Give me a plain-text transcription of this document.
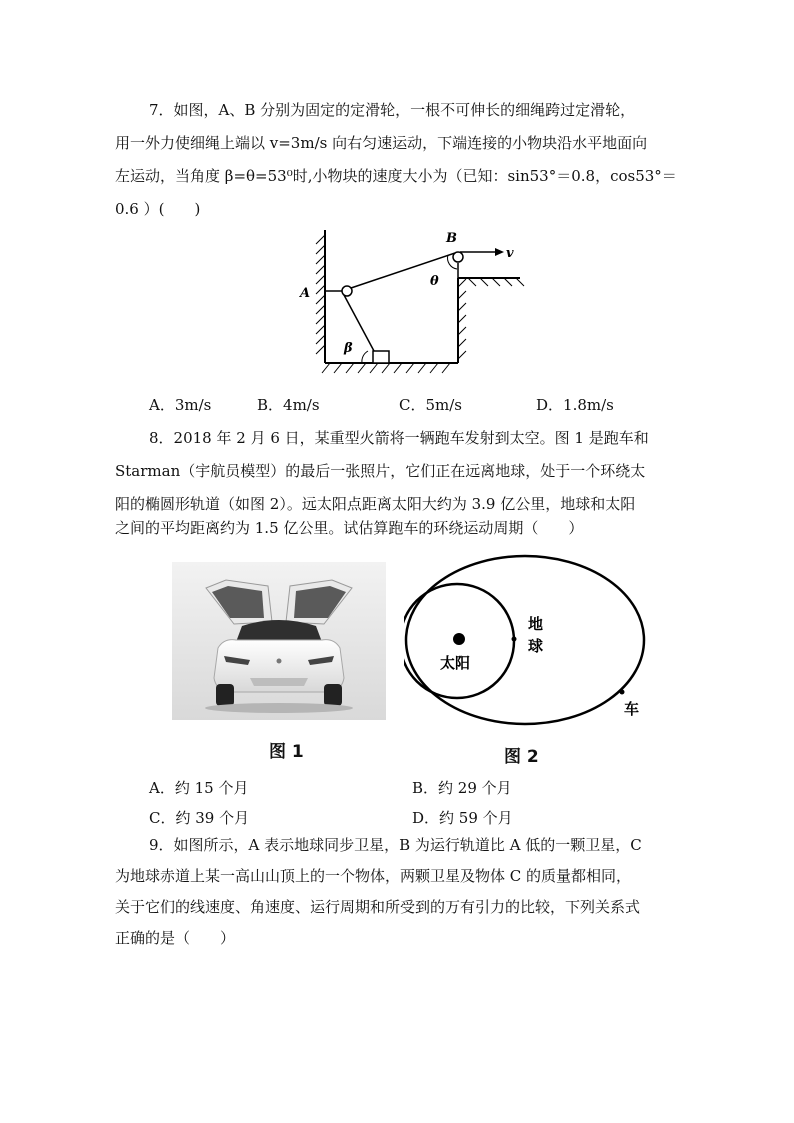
7．如图，A、B 分别为固定的定滑轮，一根不可伸长的细绳跨过定滑轮，
用一外力使细绳上端以 v=3m/s 向右匀速运动，下端连接的小物块沿水平地面向
左运动，当角度 β=θ=53⁰时,小物块的速度大小为（已知：sin53°＝0.8，cos53°＝
0.6 ）(　　)
A
B
v
θ
β
A．3m/s	B．4m/s	C．5m/s	D．1.8m/s
8．2018 年 2 月 6 日，某重型火箭将一辆跑车发射到太空。图 1 是跑车和
Starman（宇航员模型）的最后一张照片，它们正在远离地球，处于一个环绕太
阳的椭圆形轨道（如图 2）。远太阳点距离太阳大约为 3.9 亿公里，地球和太阳
之间的平均距离约为 1.5 亿公里。试估算跑车的环绕运动周期（　　）
太阳
地
球
车
图 1	图 2
A．约 15 个月	B．约 29 个月
C．约 39 个月	D．约 59 个月
9．如图所示，A 表示地球同步卫星，B 为运行轨道比 A 低的一颗卫星，C
为地球赤道上某一高山山顶上的一个物体，两颗卫星及物体 C 的质量都相同，
关于它们的线速度、角速度、运行周期和所受到的万有引力的比较，下列关系式
正确的是（　　）
